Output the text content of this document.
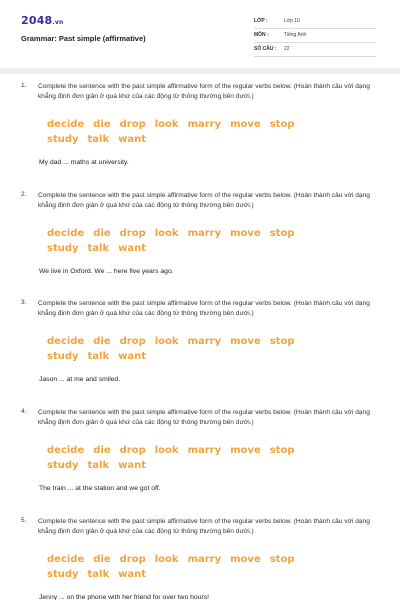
2048.vn
Grammar: Past simple (affirmative)
LỚP :	Lớp 10
MÔN :	Tiếng Anh
SỐ CÂU : 22
1. Complete the sentence with the past simple affirmative form of the regular verbs below. (Hoàn thành câu với dạng khẳng định đơn giản ở quá khứ của các động từ thông thường bên dưới.)
decide die drop look marry move stop
study talk want
My dad ... maths at university.
2. Complete the sentence with the past simple affirmative form of the regular verbs below. (Hoàn thành câu với dạng khẳng định đơn giản ở quá khứ của các động từ thông thường bên dưới.)
decide die drop look marry move stop
study talk want
We live in Oxford. We ... here five years ago.
3. Complete the sentence with the past simple affirmative form of the regular verbs below. (Hoàn thành câu với dạng khẳng định đơn giản ở quá khứ của các động từ thông thường bên dưới.)
decide die drop look marry move stop
study talk want
Jason ... at me and smiled.
4. Complete the sentence with the past simple affirmative form of the regular verbs below. (Hoàn thành câu với dạng khẳng định đơn giản ở quá khứ của các động từ thông thường bên dưới.)
decide die drop look marry move stop
study talk want
The train ... at the station and we got off.
5. Complete the sentence with the past simple affirmative form of the regular verbs below. (Hoàn thành câu với dạng khẳng định đơn giản ở quá khứ của các động từ thông thường bên dưới.)
decide die drop look marry move stop
study talk want
Jenny ... on the phone with her friend for over two hours!
